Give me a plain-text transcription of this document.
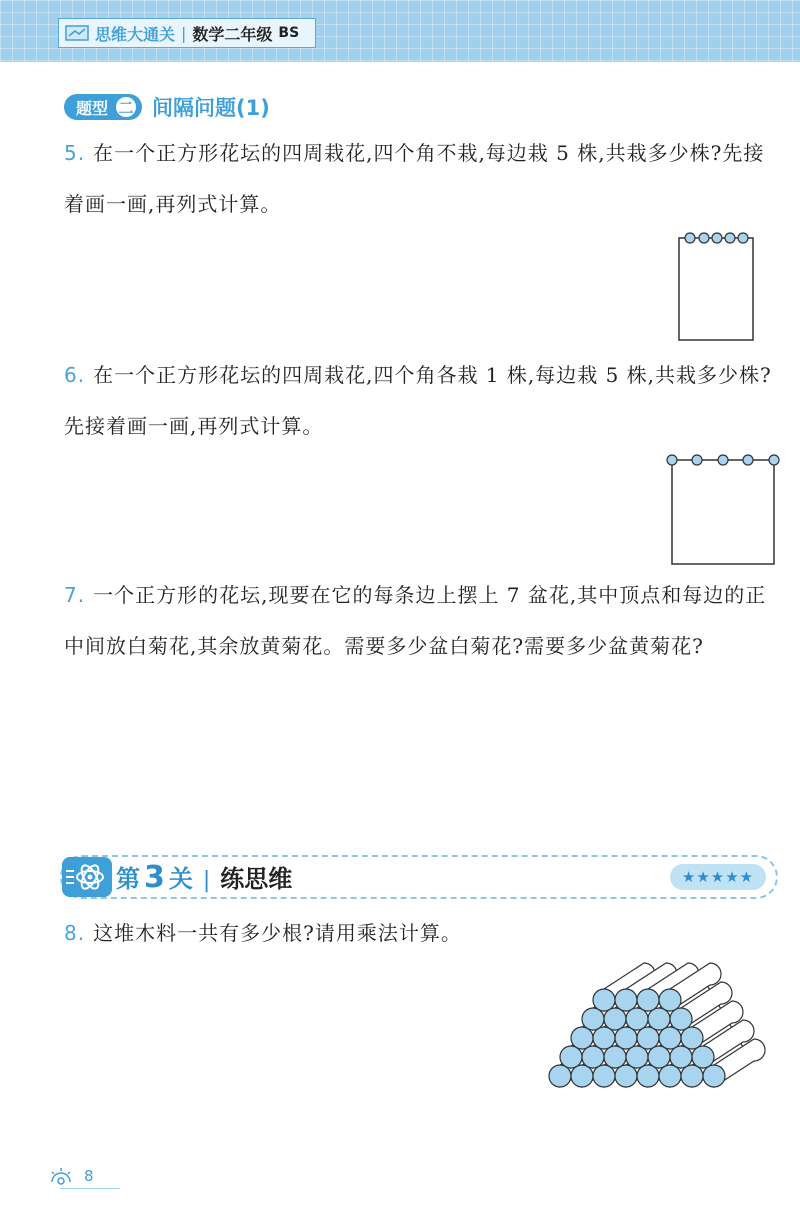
思维大通关 | 数学二年级 BS
题型 二 间隔问题(1)
5. 在一个正方形花坛的四周栽花,四个角不栽,每边栽 5 株,共栽多少株?先接着画一画,再列式计算。
6. 在一个正方形花坛的四周栽花,四个角各栽 1 株,每边栽 5 株,共栽多少株?先接着画一画,再列式计算。
7. 一个正方形的花坛,现要在它的每条边上摆上 7 盆花,其中顶点和每边的正中间放白菊花,其余放黄菊花。需要多少盆白菊花?需要多少盆黄菊花?
第 3 关 | 练思维	★★★★★
8. 这堆木料一共有多少根?请用乘法计算。
8
